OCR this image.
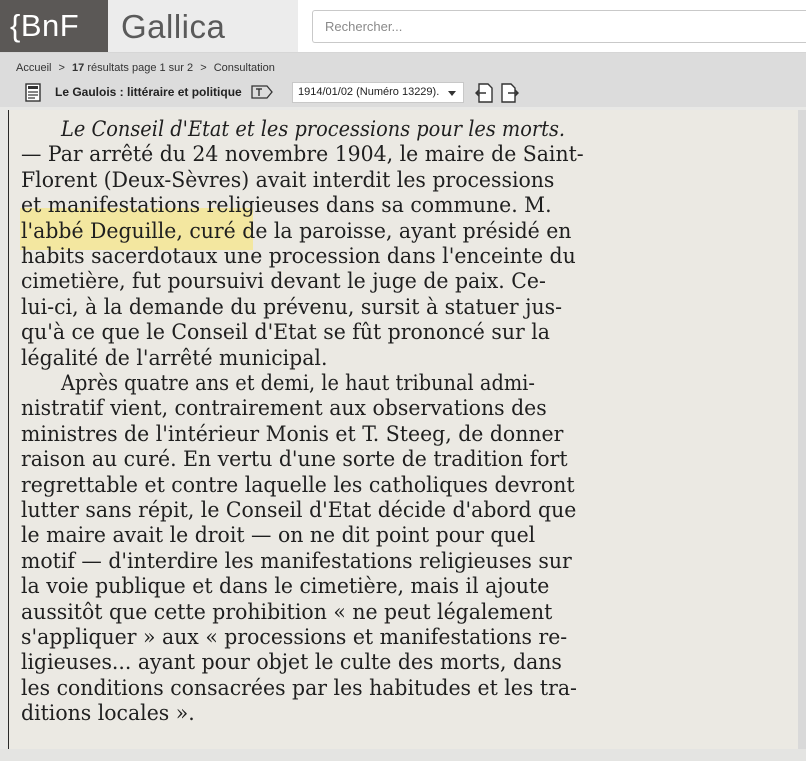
{BnF	Gallica
Rechercher...
Accueil > 17 résultats page 1 sur 2 > Consultation
Le Gaulois : littéraire et politique	1914/01/02 (Numéro 13229).
Le Conseil d'Etat et les processions pour les morts.
— Par arrêté du 24 novembre 1904, le maire de Saint-
Florent (Deux-Sèvres) avait interdit les processions
et manifestations religieuses dans sa commune. M.
l'abbé Deguille, curé de la paroisse, ayant présidé en
habits sacerdotaux une procession dans l'enceinte du
cimetière, fut poursuivi devant le juge de paix. Ce-
lui-ci, à la demande du prévenu, sursit à statuer jus-
qu'à ce que le Conseil d'Etat se fût prononcé sur la
légalité de l'arrêté municipal.
Après quatre ans et demi, le haut tribunal admi-
nistratif vient, contrairement aux observations des
ministres de l'intérieur Monis et T. Steeg, de donner
raison au curé. En vertu d'une sorte de tradition fort
regrettable et contre laquelle les catholiques devront
lutter sans répit, le Conseil d'Etat décide d'abord que
le maire avait le droit — on ne dit point pour quel
motif — d'interdire les manifestations religieuses sur
la voie publique et dans le cimetière, mais il ajoute
aussitôt que cette prohibition « ne peut légalement
s'appliquer » aux « processions et manifestations re-
ligieuses... ayant pour objet le culte des morts, dans
les conditions consacrées par les habitudes et les tra-
ditions locales ».
